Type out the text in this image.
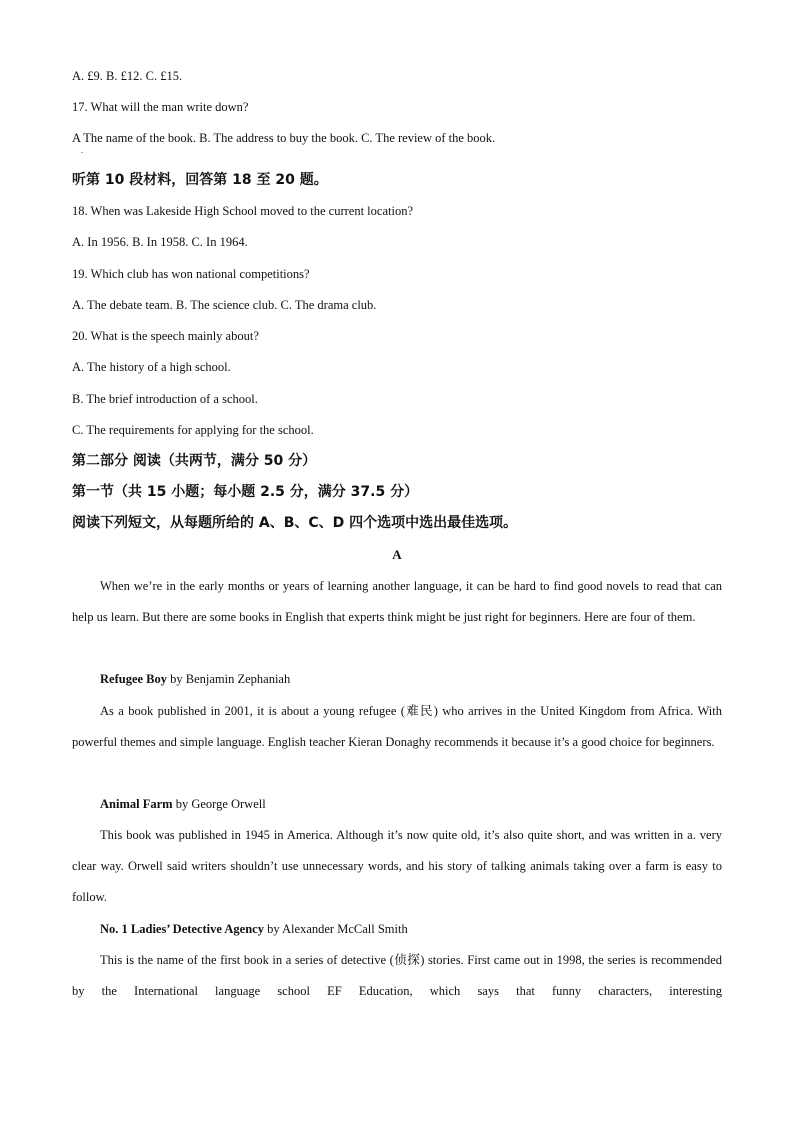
A. £9. B. £12. C. £15.
17. What will the man write down?
A The name of the book. B. The address to buy the book. C. The review of the book.
.
听第 10 段材料，回答第 18 至 20 题。
18. When was Lakeside High School moved to the current location?
A. In 1956. B. In 1958. C. In 1964.
19. Which club has won national competitions?
A. The debate team. B. The science club. C. The drama club.
20. What is the speech mainly about?
A. The history of a high school.
B. The brief introduction of a school.
C. The requirements for applying for the school.
第二部分 阅读（共两节，满分 50 分）
第一节（共 15 小题；每小题 2.5 分，满分 37.5 分）
阅读下列短文，从每题所给的 A、B、C、D 四个选项中选出最佳选项。
A
When we’re in the early months or years of learning another language, it can be hard to find good novels to read that can help us learn. But there are some books in English that experts think might be just right for beginners. Here are four of them.
Refugee Boy by Benjamin Zephaniah
As a book published in 2001, it is about a young refugee (难民) who arrives in the United Kingdom from Africa. With powerful themes and simple language. English teacher Kieran Donaghy recommends it because it’s a good choice for beginners.
Animal Farm by George Orwell
This book was published in 1945 in America. Although it’s now quite old, it’s also quite short, and was written in a. very clear way. Orwell said writers shouldn’t use unnecessary words, and his story of talking animals taking over a farm is easy to follow.
No. 1 Ladies’ Detective Agency by Alexander McCall Smith
This is the name of the first book in a series of detective (侦探) stories. First came out in 1998, the series is recommended by the International language school EF Education, which says that funny characters, interesting
